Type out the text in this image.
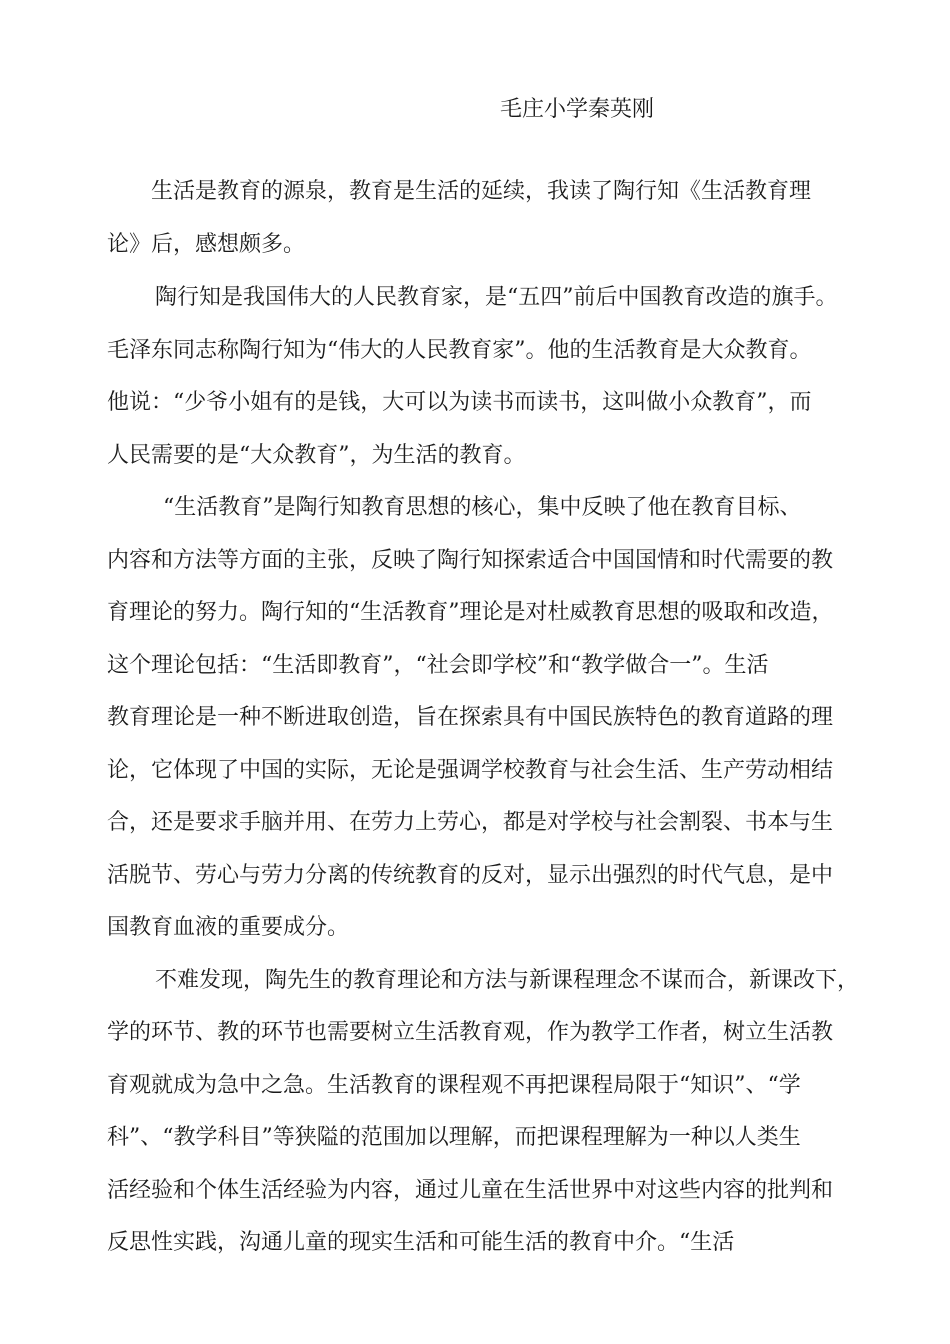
毛庄小学秦英刚
生活是教育的源泉，教育是生活的延续，我读了陶行知《生活教育理
论》后，感想颇多。
陶行知是我国伟大的人民教育家，是“五四”前后中国教育改造的旗手。
毛泽东同志称陶行知为“伟大的人民教育家”。他的生活教育是大众教育。
他说：“少爷小姐有的是钱，大可以为读书而读书，这叫做小众教育”，而
人民需要的是“大众教育”，为生活的教育。
“生活教育”是陶行知教育思想的核心，集中反映了他在教育目标、
内容和方法等方面的主张，反映了陶行知探索适合中国国情和时代需要的教
育理论的努力。陶行知的“生活教育”理论是对杜威教育思想的吸取和改造，
这个理论包括：“生活即教育”，“社会即学校”和“教学做合一”。生活
教育理论是一种不断进取创造，旨在探索具有中国民族特色的教育道路的理
论，它体现了中国的实际，无论是强调学校教育与社会生活、生产劳动相结
合，还是要求手脑并用、在劳力上劳心，都是对学校与社会割裂、书本与生
活脱节、劳心与劳力分离的传统教育的反对，显示出强烈的时代气息，是中
国教育血液的重要成分。
不难发现，陶先生的教育理论和方法与新课程理念不谋而合，新课改下，
学的环节、教的环节也需要树立生活教育观，作为教学工作者，树立生活教
育观就成为急中之急。生活教育的课程观不再把课程局限于“知识”、“学
科”、“教学科目”等狭隘的范围加以理解，而把课程理解为一种以人类生
活经验和个体生活经验为内容，通过儿童在生活世界中对这些内容的批判和
反思性实践，沟通儿童的现实生活和可能生活的教育中介。“生活
